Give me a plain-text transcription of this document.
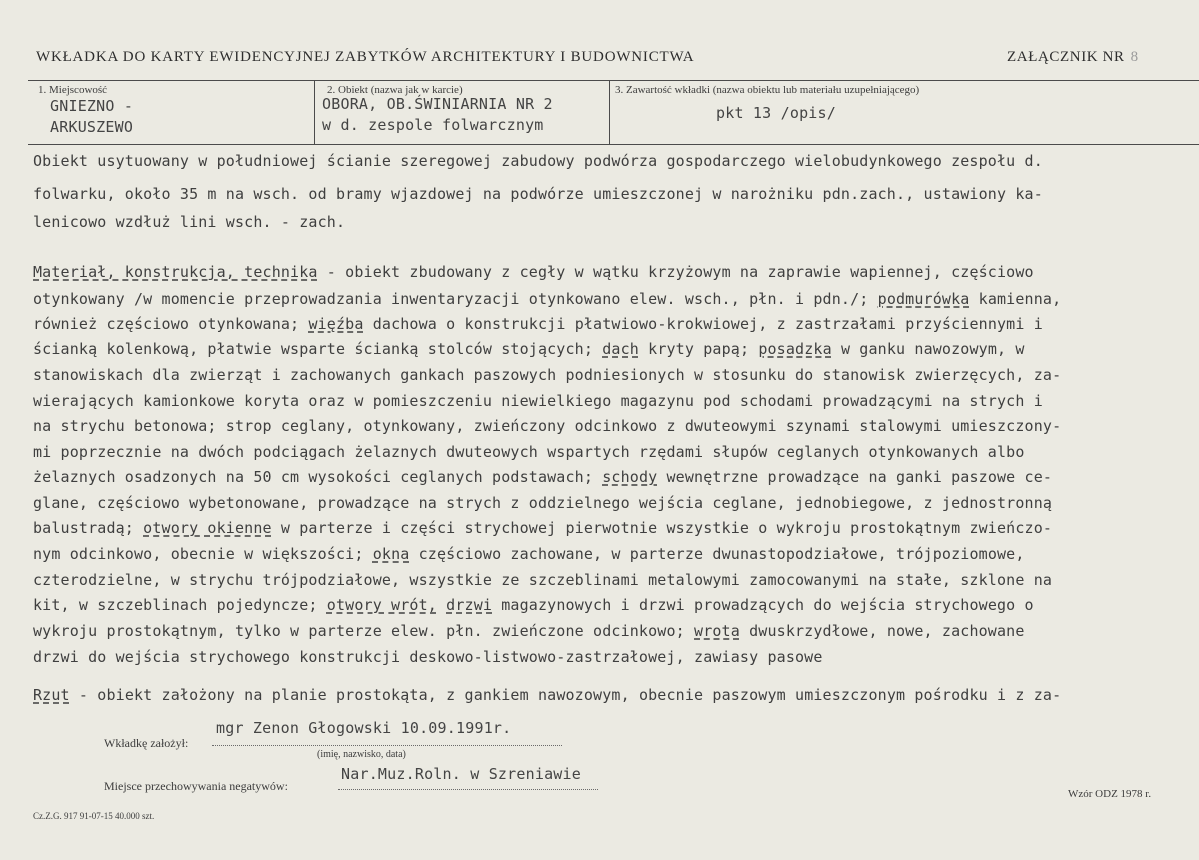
WKŁADKA DO KARTY EWIDENCYJNEJ ZABYTKÓW ARCHITEKTURY I BUDOWNICTWA	ZAŁĄCZNIK NR 8
1. Miejscowość
GNIEZNO -
ARKUSZEWO
2. Obiekt (nazwa jak w karcie)
OBORA, OB.ŚWINIARNIA NR 2
w d. zespole folwarcznym
3. Zawartość wkładki (nazwa obiektu lub materiału uzupełniającego)
pkt 13 /opis/
Obiekt usytuowany w południowej ścianie szeregowej zabudowy podwórza gospodarczego wielobudynkowego zespołu d.
folwarku, około 35 m na wsch. od bramy wjazdowej na podwórze umieszczonej w narożniku pdn.zach., ustawiony ka-
lenicowo wzdłuż lini wsch. - zach.
Materiał, konstrukcja, technika - obiekt zbudowany z cegły w wątku krzyżowym na zaprawie wapiennej, częściowo
otynkowany /w momencie przeprowadzania inwentaryzacji otynkowano elew. wsch., płn. i pdn./; podmurówka kamienna,
również częściowo otynkowana; więźba dachowa o konstrukcji płatwiowo-krokwiowej, z zastrzałami przyściennymi i
ścianką kolenkową, płatwie wsparte ścianką stolców stojących; dach kryty papą; posadzka w ganku nawozowym, w
stanowiskach dla zwierząt i zachowanych gankach paszowych podniesionych w stosunku do stanowisk zwierzęcych, za-
wierających kamionkowe koryta oraz w pomieszczeniu niewielkiego magazynu pod schodami prowadzącymi na strych i
na strychu betonowa; strop ceglany, otynkowany, zwieńczony odcinkowo z dwuteowymi szynami stalowymi umieszczony-
mi poprzecznie na dwóch podciągach żelaznych dwuteowych wspartych rzędami słupów ceglanych otynkowanych albo
żelaznych osadzonych na 50 cm wysokości ceglanych podstawach; schody wewnętrzne prowadzące na ganki paszowe ce-
glane, częściowo wybetonowane, prowadzące na strych z oddzielnego wejścia ceglane, jednobiegowe, z jednostronną
balustradą; otwory okienne w parterze i części strychowej pierwotnie wszystkie o wykroju prostokątnym zwieńczo-
nym odcinkowo, obecnie w większości; okna częściowo zachowane, w parterze dwunastopodziałowe, trójpoziomowe,
czterodzielne, w strychu trójpodziałowe, wszystkie ze szczeblinami metalowymi zamocowanymi na stałe, szklone na
kit, w szczeblinach pojedyncze; otwory wrót, drzwi magazynowych i drzwi prowadzących do wejścia strychowego o
wykroju prostokątnym, tylko w parterze elew. płn. zwieńczone odcinkowo; wrota dwuskrzydłowe, nowe, zachowane
drzwi do wejścia strychowego konstrukcji deskowo-listwowo-zastrzałowej, zawiasy pasowe
Rzut - obiekt założony na planie prostokąta, z gankiem nawozowym, obecnie paszowym umieszczonym pośrodku i z za-
Wkładkę założył:
mgr Zenon Głogowski 10.09.1991r.
(imię, nazwisko, data)
Miejsce przechowywania negatywów:
Nar.Muz.Roln. w Szreniawie
Wzór ODZ 1978 r.
Cz.Z.G. 917 91-07-15 40.000 szt.
